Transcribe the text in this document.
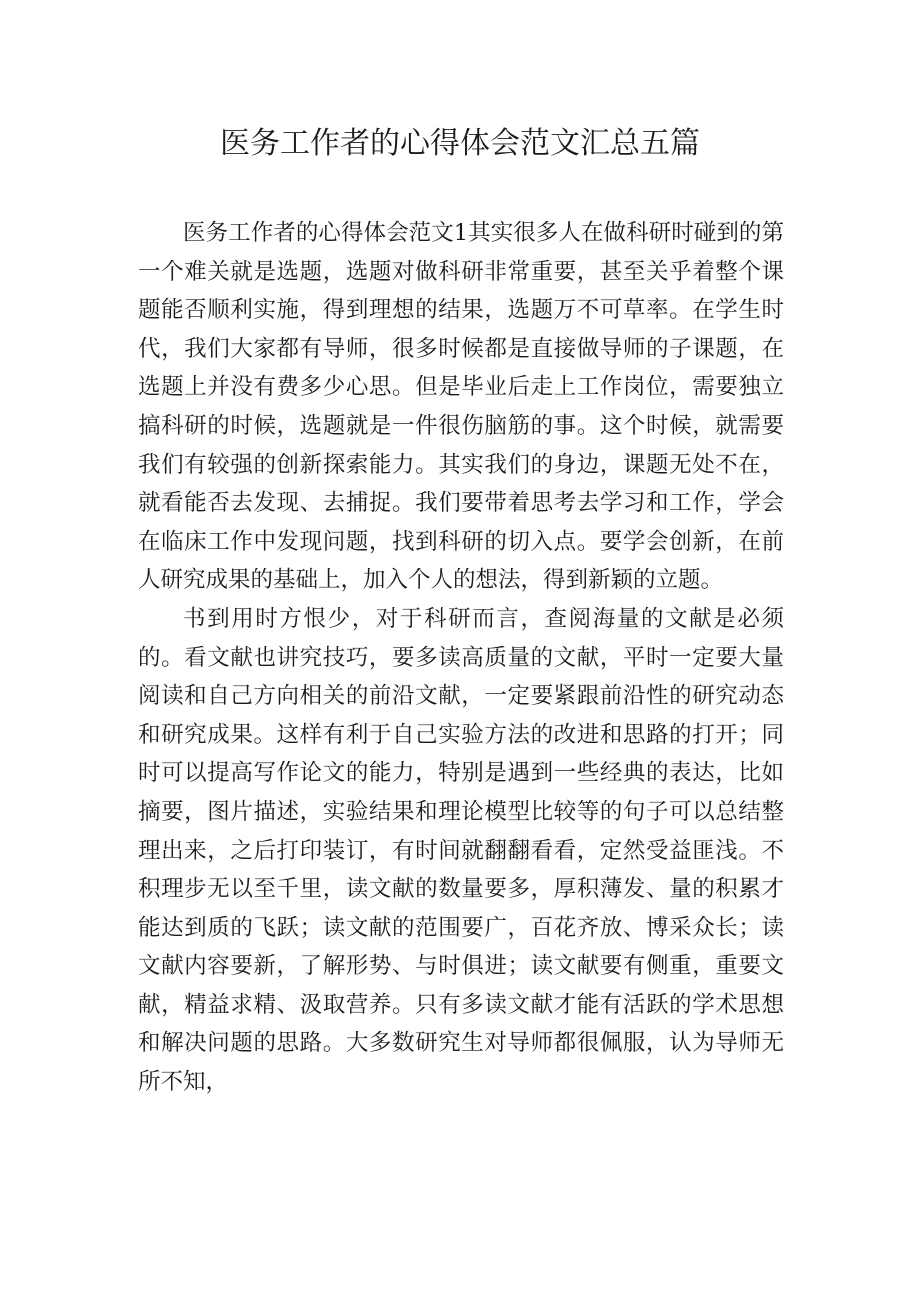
医务工作者的心得体会范文汇总五篇

医务工作者的心得体会范文1其实很多人在做科研时碰到的第一个难关就是选题，选题对做科研非常重要，甚至关乎着整个课题能否顺利实施，得到理想的结果，选题万不可草率。在学生时代，我们大家都有导师，很多时候都是直接做导师的子课题，在选题上并没有费多少心思。但是毕业后走上工作岗位，需要独立搞科研的时候，选题就是一件很伤脑筋的事。这个时候，就需要我们有较强的创新探索能力。其实我们的身边，课题无处不在，就看能否去发现、去捕捉。我们要带着思考去学习和工作，学会在临床工作中发现问题，找到科研的切入点。要学会创新，在前人研究成果的基础上，加入个人的想法，得到新颖的立题。

书到用时方恨少，对于科研而言，查阅海量的文献是必须的。看文献也讲究技巧，要多读高质量的文献，平时一定要大量阅读和自己方向相关的前沿文献，一定要紧跟前沿性的研究动态和研究成果。这样有利于自己实验方法的改进和思路的打开；同时可以提高写作论文的能力，特别是遇到一些经典的表达，比如摘要，图片描述，实验结果和理论模型比较等的句子可以总结整理出来，之后打印装订，有时间就翻翻看看，定然受益匪浅。不积理步无以至千里，读文献的数量要多，厚积薄发、量的积累才能达到质的飞跃；读文献的范围要广，百花齐放、博采众长；读文献内容要新，了解形势、与时俱进；读文献要有侧重，重要文献，精益求精、汲取营养。只有多读文献才能有活跃的学术思想和解决问题的思路。大多数研究生对导师都很佩服，认为导师无所不知，
